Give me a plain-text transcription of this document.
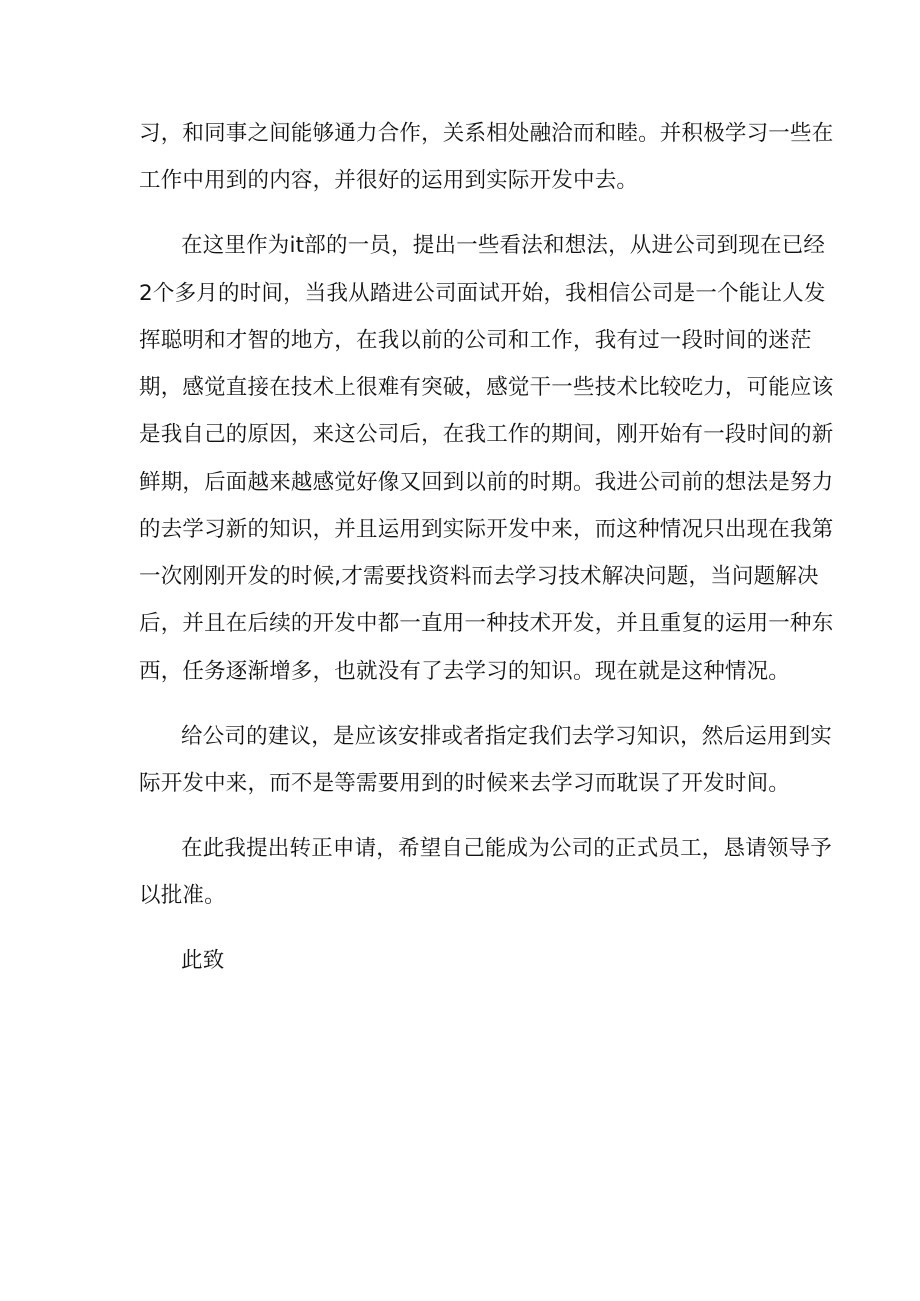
习，和同事之间能够通力合作，关系相处融洽而和睦。并积极学习一些在
工作中用到的内容，并很好的运用到实际开发中去。
在这里作为it部的一员，提出一些看法和想法，从进公司到现在已经
2个多月的时间，当我从踏进公司面试开始，我相信公司是一个能让人发
挥聪明和才智的地方，在我以前的公司和工作，我有过一段时间的迷茫
期，感觉直接在技术上很难有突破，感觉干一些技术比较吃力，可能应该
是我自己的原因，来这公司后，在我工作的期间，刚开始有一段时间的新
鲜期，后面越来越感觉好像又回到以前的时期。我进公司前的想法是努力
的去学习新的知识，并且运用到实际开发中来，而这种情况只出现在我第
一次刚刚开发的时候,才需要找资料而去学习技术解决问题，当问题解决
后，并且在后续的开发中都一直用一种技术开发，并且重复的运用一种东
西，任务逐渐增多，也就没有了去学习的知识。现在就是这种情况。
给公司的建议，是应该安排或者指定我们去学习知识，然后运用到实
际开发中来，而不是等需要用到的时候来去学习而耽误了开发时间。
在此我提出转正申请，希望自己能成为公司的正式员工，恳请领导予
以批准。
此致
